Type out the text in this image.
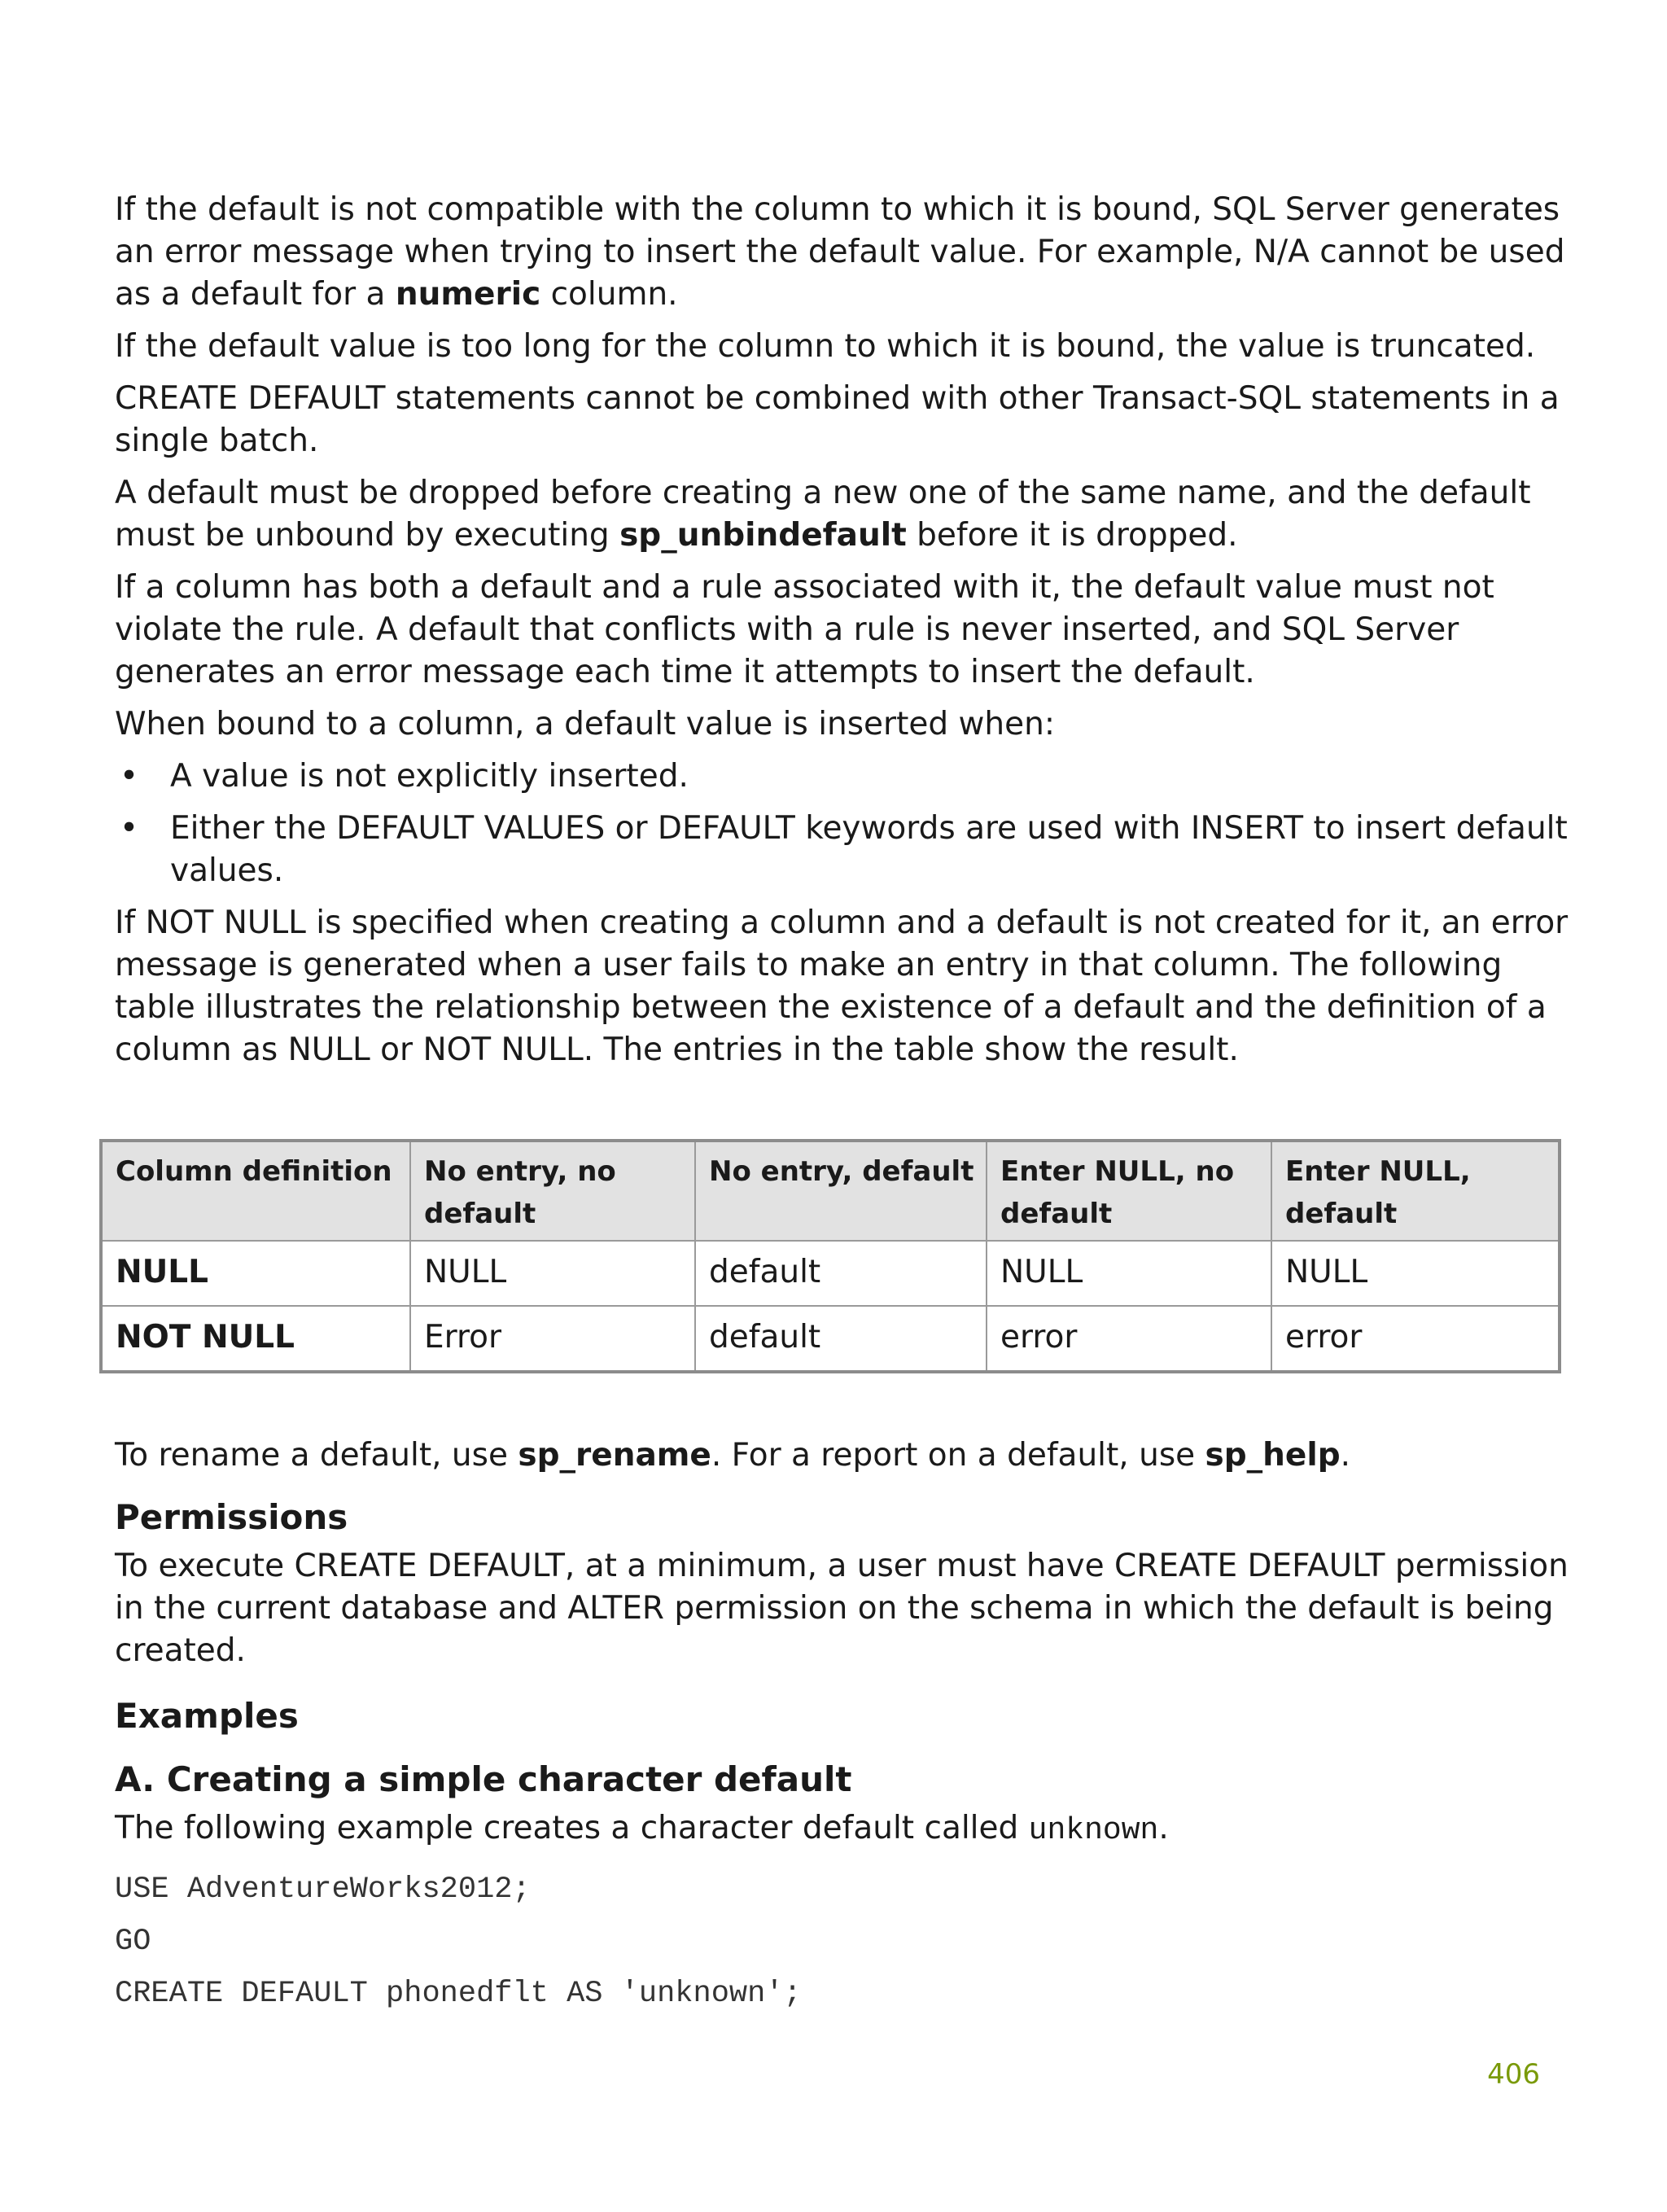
If the default is not compatible with the column to which it is bound, SQL Server generates an error message when trying to insert the default value. For example, N/A cannot be used as a default for a numeric column.

If the default value is too long for the column to which it is bound, the value is truncated.

CREATE DEFAULT statements cannot be combined with other Transact-SQL statements in a single batch.

A default must be dropped before creating a new one of the same name, and the default must be unbound by executing sp_unbindefault before it is dropped.

If a column has both a default and a rule associated with it, the default value must not violate the rule. A default that conflicts with a rule is never inserted, and SQL Server generates an error message each time it attempts to insert the default.

When bound to a column, a default value is inserted when:

• A value is not explicitly inserted.
• Either the DEFAULT VALUES or DEFAULT keywords are used with INSERT to insert default values.

If NOT NULL is specified when creating a column and a default is not created for it, an error message is generated when a user fails to make an entry in that column. The following table illustrates the relationship between the existence of a default and the definition of a column as NULL or NOT NULL. The entries in the table show the result.

Column definition	No entry, no default	No entry, default	Enter NULL, no default	Enter NULL, default
NULL	NULL	default	NULL	NULL
NOT NULL	Error	default	error	error

To rename a default, use sp_rename. For a report on a default, use sp_help.

Permissions

To execute CREATE DEFAULT, at a minimum, a user must have CREATE DEFAULT permission in the current database and ALTER permission on the schema in which the default is being created.

Examples
A. Creating a simple character default

The following example creates a character default called unknown.

USE AdventureWorks2012;
GO
CREATE DEFAULT phonedflt AS 'unknown';
406
